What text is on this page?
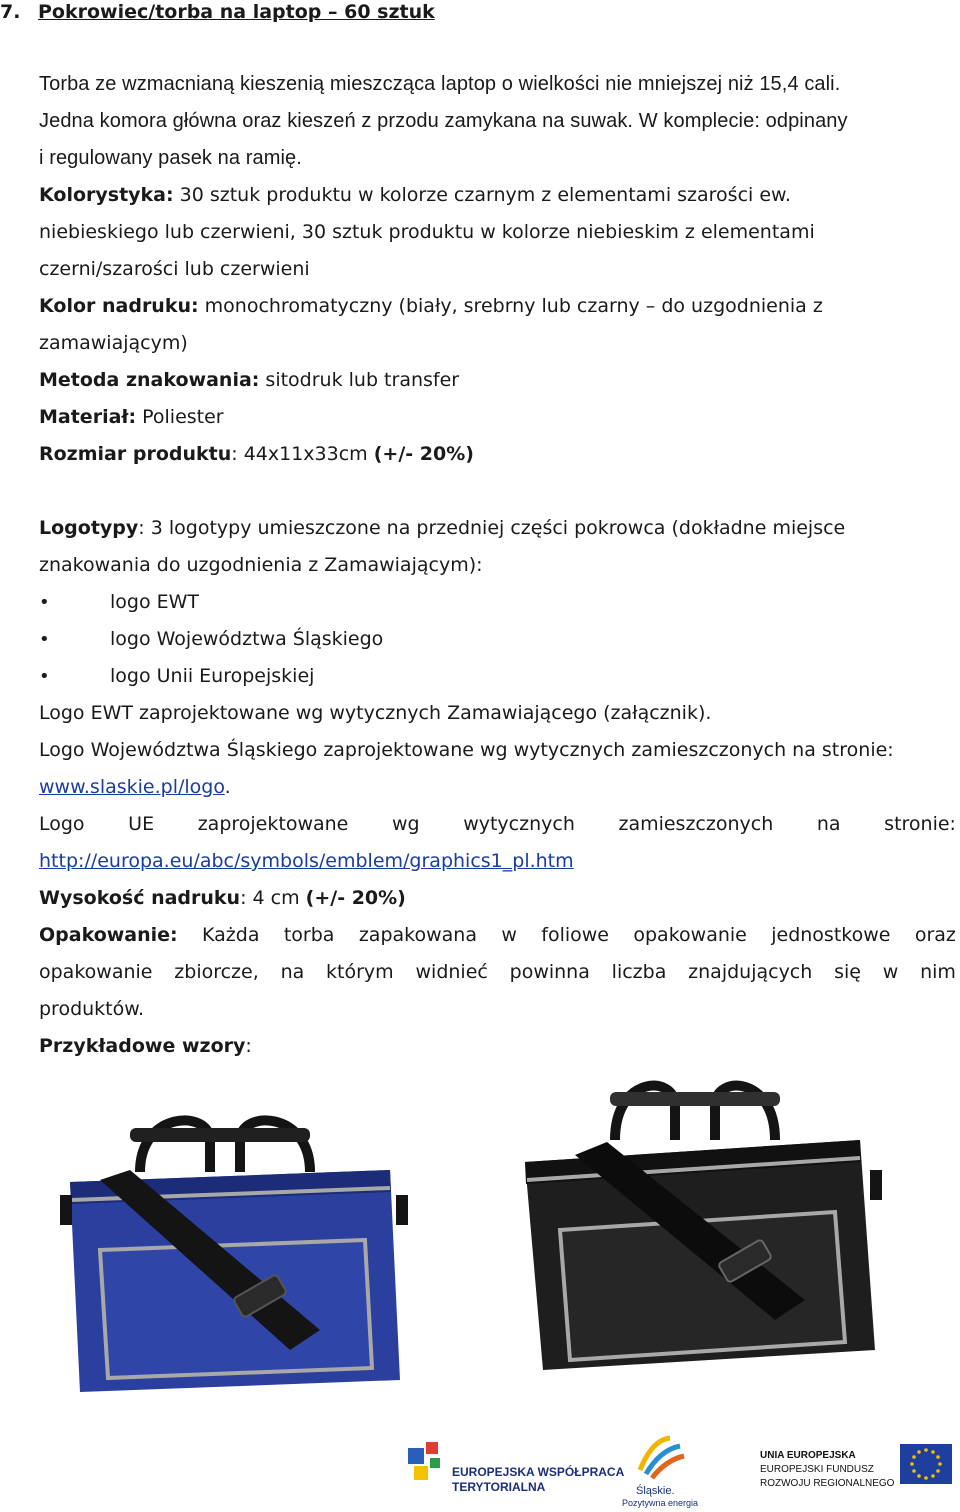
7. Pokrowiec/torba na laptop – 60 sztuk

Torba ze wzmacnianą kieszenią mieszcząca laptop o wielkości nie mniejszej niż 15,4 cali.

Jedna komora główna oraz kieszeń z przodu zamykana na suwak. W komplecie: odpinany

i regulowany pasek na ramię.

Kolorystyka: 30 sztuk produktu w kolorze czarnym z elementami szarości ew.

niebieskiego lub czerwieni, 30 sztuk produktu w kolorze niebieskim z elementami

czerni/szarości lub czerwieni

Kolor nadruku: monochromatyczny (biały, srebrny lub czarny – do uzgodnienia z

zamawiającym)

Metoda znakowania: sitodruk lub transfer

Materiał: Poliester

Rozmiar produktu: 44x11x33cm (+/- 20%)

Logotypy: 3 logotypy umieszczone na przedniej części pokrowca (dokładne miejsce

znakowania do uzgodnienia z Zamawiającym):

•	logo EWT

•	logo Województwa Śląskiego

•	logo Unii Europejskiej

Logo EWT zaprojektowane wg wytycznych Zamawiającego (załącznik).

Logo Województwa Śląskiego zaprojektowane wg wytycznych zamieszczonych na stronie:

www.slaskie.pl/logo.

Logo UE zaprojektowane wg wytycznych zamieszczonych na stronie:

http://europa.eu/abc/symbols/emblem/graphics1_pl.htm

Wysokość nadruku: 4 cm (+/- 20%)

Opakowanie: Każda torba zapakowana w foliowe opakowanie jednostkowe oraz

opakowanie zbiorcze, na którym widnieć powinna liczba znajdujących się w nim

produktów.

Przykładowe wzory:

EUROPEJSKA WSPÓŁPRACA
TERYTORIALNA	Śląskie.
Pozytywna energia
UNIA EUROPEJSKA
EUROPEJSKI FUNDUSZ
ROZWOJU REGIONALNEGO
